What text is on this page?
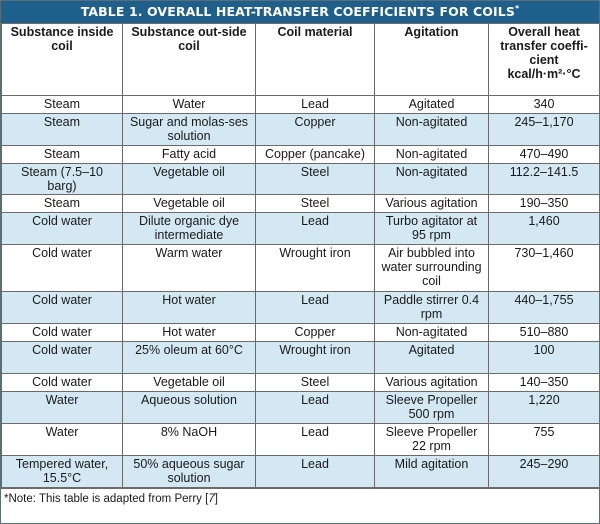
TABLE 1. OVERALL HEAT-TRANSFER COEFFICIENTS FOR COILS*
Substance inside coil	Substance out-side coil	Coil material	Agitation	Overall heat transfer coeffi-cient kcal/h·m²·°C
Steam	Water	Lead	Agitated	340
Steam	Sugar and molas-ses solution	Copper	Non-agitated	245–1,170
Steam	Fatty acid	Copper (pancake)	Non-agitated	470–490
Steam (7.5–10 barg)	Vegetable oil	Steel	Non-agitated	112.2–141.5
Steam	Vegetable oil	Steel	Various agitation	190–350
Cold water	Dilute organic dye intermediate	Lead	Turbo agitator at 95 rpm	1,460
Cold water	Warm water	Wrought iron	Air bubbled into water surrounding coil	730–1,460
Cold water	Hot water	Lead	Paddle stirrer 0.4 rpm	440–1,755
Cold water	Hot water	Copper	Non-agitated	510–880
Cold water	25% oleum at 60°C	Wrought iron	Agitated	100
Cold water	Vegetable oil	Steel	Various agitation	140–350
Water	Aqueous solution	Lead	Sleeve Propeller 500 rpm	1,220
Water	8% NaOH	Lead	Sleeve Propeller 22 rpm	755
Tempered water, 15.5°C	50% aqueous sugar solution	Lead	Mild agitation	245–290
*Note: This table is adapted from Perry [7]
